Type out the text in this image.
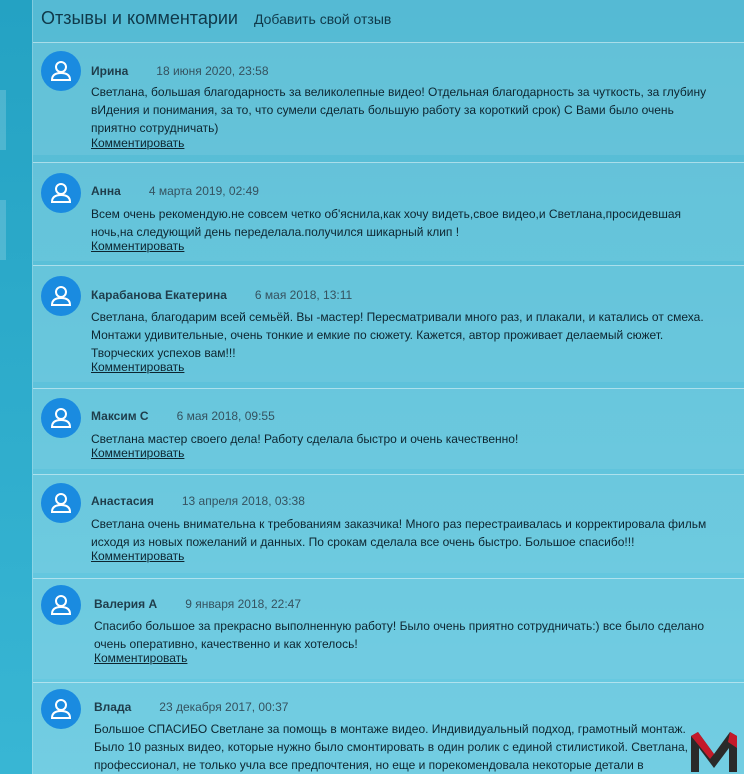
Отзывы и комментарии Добавить свой отзыв
Ирина 18 июня 2020, 23:58
Светлана, большая благодарность за великолепные видео! Отдельная благодарность за чуткость, за глубину вИдения и понимания, за то, что сумели сделать большую работу за короткий срок) С Вами было очень приятно сотрудничать)
Комментировать
Анна 4 марта 2019, 02:49
Всем очень рекомендую.не совсем четко об'яснила,как хочу видеть,свое видео,и Светлана,просидевшая ночь,на следующий день переделала.получился шикарный клип !
Комментировать
Карабанова Екатерина 6 мая 2018, 13:11
Светлана, благодарим всей семьёй. Вы -мастер! Пересматривали много раз, и плакали, и катались от смеха. Монтажи удивительные, очень тонкие и емкие по сюжету. Кажется, автор проживает делаемый сюжет. Творческих успехов вам!!!
Комментировать
Максим С 6 мая 2018, 09:55
Светлана мастер своего дела! Работу сделала быстро и очень качественно!
Комментировать
Анастасия 13 апреля 2018, 03:38
Светлана очень внимательна к требованиям заказчика! Много раз перестраивалась и корректировала фильм исходя из новых пожеланий и данных. По срокам сделала все очень быстро. Большое спасибо!!!
Комментировать
Валерия А 9 января 2018, 22:47
Спасибо большое за прекрасно выполненную работу! Было очень приятно сотрудничать:) все было сделано очень оперативно, качественно и как хотелось!
Комментировать
Влада 23 декабря 2017, 00:37
Большое СПАСИБО Светлане за помощь в монтаже видео. Индивидуальный подход, грамотный монтаж. Было 10 разных видео, которые нужно было смонтировать в один ролик с единой стилистикой. Светлана, профессионал, не только учла все предпочтения, но еще и порекомендовала некоторые детали в
